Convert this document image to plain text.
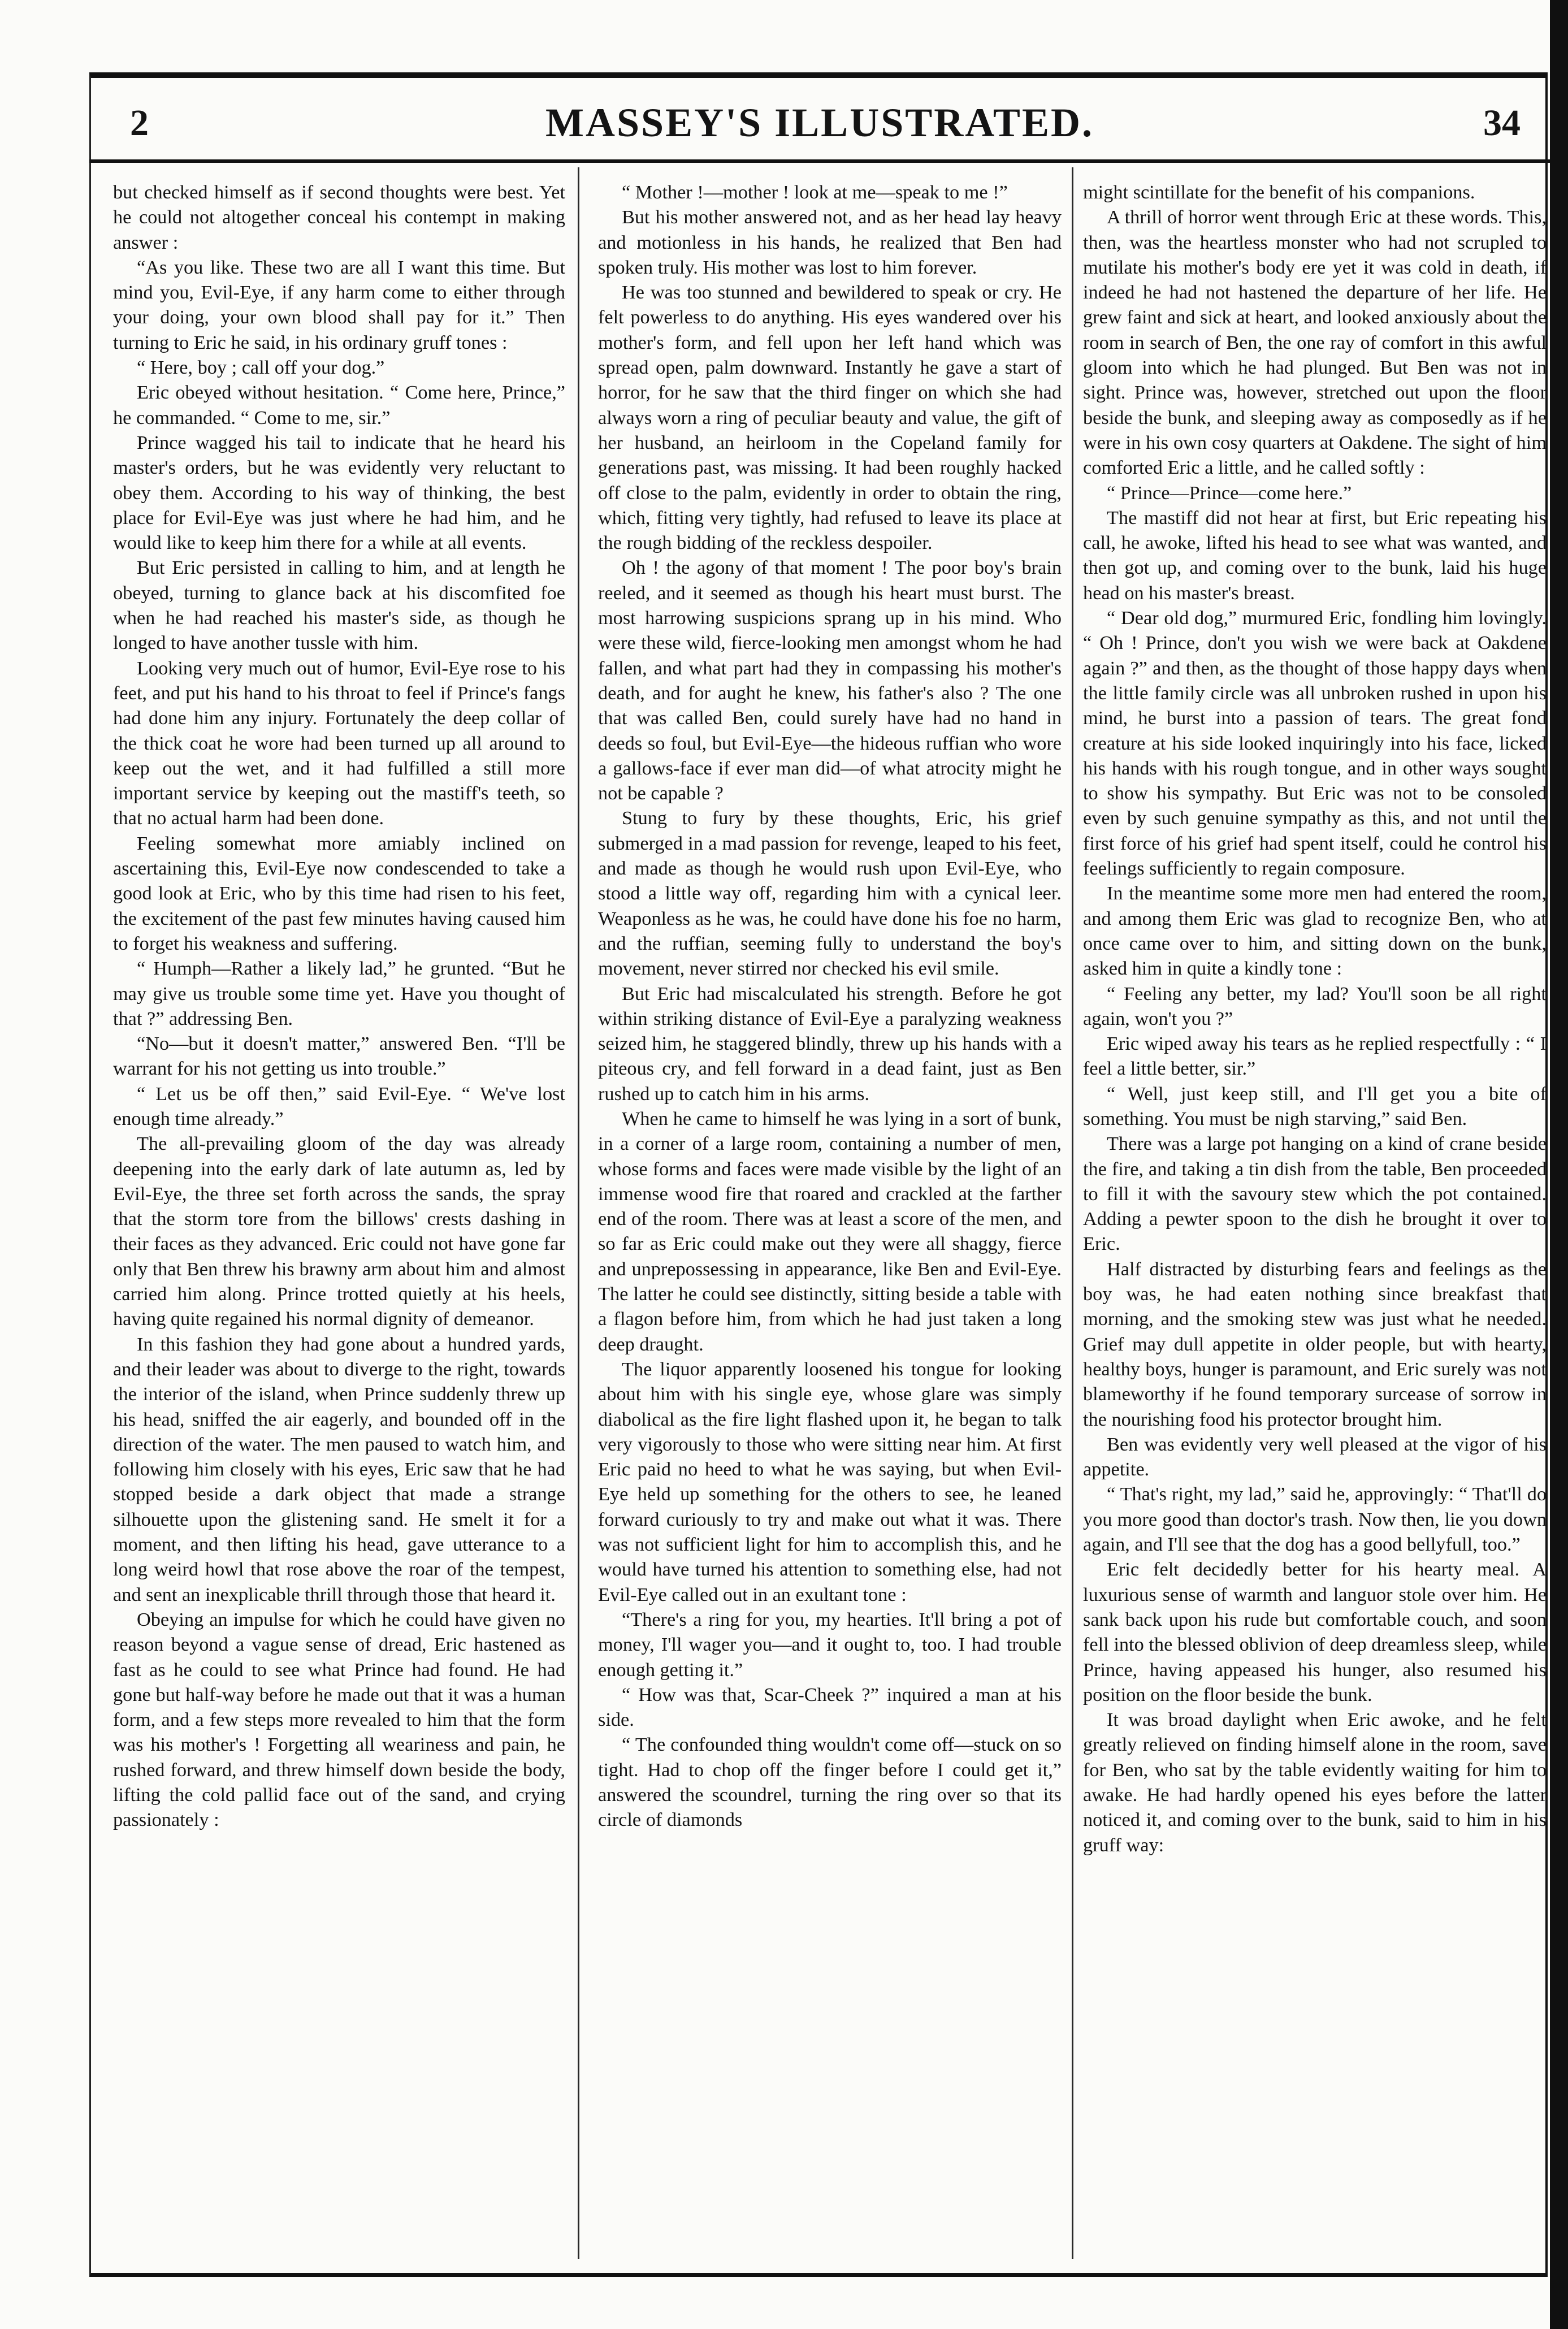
2	MASSEY'S ILLUSTRATED.	34

but checked himself as if second thoughts were best. Yet he could not altogether conceal his contempt in making answer :

“As you like. These two are all I want this time. But mind you, Evil-Eye, if any harm come to either through your doing, your own blood shall pay for it.” Then turning to Eric he said, in his ordinary gruff tones :

“ Here, boy ; call off your dog.”

Eric obeyed without hesitation. “ Come here, Prince,” he commanded. “ Come to me, sir.”

Prince wagged his tail to indicate that he heard his master's orders, but he was evidently very reluctant to obey them. According to his way of thinking, the best place for Evil-Eye was just where he had him, and he would like to keep him there for a while at all events.

But Eric persisted in calling to him, and at length he obeyed, turning to glance back at his discomfited foe when he had reached his master's side, as though he longed to have another tussle with him.

Looking very much out of humor, Evil-Eye rose to his feet, and put his hand to his throat to feel if Prince's fangs had done him any injury. Fortunately the deep collar of the thick coat he wore had been turned up all around to keep out the wet, and it had fulfilled a still more important service by keeping out the mastiff's teeth, so that no actual harm had been done.

Feeling somewhat more amiably inclined on ascertaining this, Evil-Eye now condescended to take a good look at Eric, who by this time had risen to his feet, the excitement of the past few minutes having caused him to forget his weakness and suffering.

“ Humph—Rather a likely lad,” he grunted. “But he may give us trouble some time yet. Have you thought of that ?” addressing Ben.

“No—but it doesn't matter,” answered Ben. “I'll be warrant for his not getting us into trouble.”

“ Let us be off then,” said Evil-Eye. “ We've lost enough time already.”

The all-prevailing gloom of the day was already deepening into the early dark of late autumn as, led by Evil-Eye, the three set forth across the sands, the spray that the storm tore from the billows' crests dashing in their faces as they advanced. Eric could not have gone far only that Ben threw his brawny arm about him and almost carried him along. Prince trotted quietly at his heels, having quite regained his normal dignity of demeanor.

In this fashion they had gone about a hundred yards, and their leader was about to diverge to the right, towards the interior of the island, when Prince suddenly threw up his head, sniffed the air eagerly, and bounded off in the direction of the water. The men paused to watch him, and following him closely with his eyes, Eric saw that he had stopped beside a dark object that made a strange silhouette upon the glistening sand. He smelt it for a moment, and then lifting his head, gave utterance to a long weird howl that rose above the roar of the tempest, and sent an inexplicable thrill through those that heard it.

Obeying an impulse for which he could have given no reason beyond a vague sense of dread, Eric hastened as fast as he could to see what Prince had found. He had gone but half-way before he made out that it was a human form, and a few steps more revealed to him that the form was his mother's ! Forgetting all weariness and pain, he rushed forward, and threw himself down beside the body, lifting the cold pallid face out of the sand, and crying passionately :

“ Mother !—mother ! look at me—speak to me !”

But his mother answered not, and as her head lay heavy and motionless in his hands, he realized that Ben had spoken truly. His mother was lost to him forever.

He was too stunned and bewildered to speak or cry. He felt powerless to do anything. His eyes wandered over his mother's form, and fell upon her left hand which was spread open, palm downward. Instantly he gave a start of horror, for he saw that the third finger on which she had always worn a ring of peculiar beauty and value, the gift of her husband, an heirloom in the Copeland family for generations past, was missing. It had been roughly hacked off close to the palm, evidently in order to obtain the ring, which, fitting very tightly, had refused to leave its place at the rough bidding of the reckless despoiler.

Oh ! the agony of that moment ! The poor boy's brain reeled, and it seemed as though his heart must burst. The most harrowing suspicions sprang up in his mind. Who were these wild, fierce-looking men amongst whom he had fallen, and what part had they in compassing his mother's death, and for aught he knew, his father's also ? The one that was called Ben, could surely have had no hand in deeds so foul, but Evil-Eye—the hideous ruffian who wore a gallows-face if ever man did—of what atrocity might he not be capable ?

Stung to fury by these thoughts, Eric, his grief submerged in a mad passion for revenge, leaped to his feet, and made as though he would rush upon Evil-Eye, who stood a little way off, regarding him with a cynical leer. Weaponless as he was, he could have done his foe no harm, and the ruffian, seeming fully to understand the boy's movement, never stirred nor checked his evil smile.

But Eric had miscalculated his strength. Before he got within striking distance of Evil-Eye a paralyzing weakness seized him, he staggered blindly, threw up his hands with a piteous cry, and fell forward in a dead faint, just as Ben rushed up to catch him in his arms.

When he came to himself he was lying in a sort of bunk, in a corner of a large room, containing a number of men, whose forms and faces were made visible by the light of an immense wood fire that roared and crackled at the farther end of the room. There was at least a score of the men, and so far as Eric could make out they were all shaggy, fierce and unprepossessing in appearance, like Ben and Evil-Eye. The latter he could see distinctly, sitting beside a table with a flagon before him, from which he had just taken a long deep draught.

The liquor apparently loosened his tongue for looking about him with his single eye, whose glare was simply diabolical as the fire light flashed upon it, he began to talk very vigorously to those who were sitting near him. At first Eric paid no heed to what he was saying, but when Evil-Eye held up something for the others to see, he leaned forward curiously to try and make out what it was. There was not sufficient light for him to accomplish this, and he would have turned his attention to something else, had not Evil-Eye called out in an exultant tone :

“There's a ring for you, my hearties. It'll bring a pot of money, I'll wager you—and it ought to, too. I had trouble enough getting it.”

“ How was that, Scar-Cheek ?” inquired a man at his side.

“ The confounded thing wouldn't come off—stuck on so tight. Had to chop off the finger before I could get it,” answered the scoundrel, turning the ring over so that its circle of diamonds

might scintillate for the benefit of his companions.

A thrill of horror went through Eric at these words. This, then, was the heartless monster who had not scrupled to mutilate his mother's body ere yet it was cold in death, if indeed he had not hastened the departure of her life. He grew faint and sick at heart, and looked anxiously about the room in search of Ben, the one ray of comfort in this awful gloom into which he had plunged. But Ben was not in sight. Prince was, however, stretched out upon the floor beside the bunk, and sleeping away as composedly as if he were in his own cosy quarters at Oakdene. The sight of him comforted Eric a little, and he called softly :

“ Prince—Prince—come here.”

The mastiff did not hear at first, but Eric repeating his call, he awoke, lifted his head to see what was wanted, and then got up, and coming over to the bunk, laid his huge head on his master's breast.

“ Dear old dog,” murmured Eric, fondling him lovingly. “ Oh ! Prince, don't you wish we were back at Oakdene again ?” and then, as the thought of those happy days when the little family circle was all unbroken rushed in upon his mind, he burst into a passion of tears. The great fond creature at his side looked inquiringly into his face, licked his hands with his rough tongue, and in other ways sought to show his sympathy. But Eric was not to be consoled even by such genuine sympathy as this, and not until the first force of his grief had spent itself, could he control his feelings sufficiently to regain composure.

In the meantime some more men had entered the room, and among them Eric was glad to recognize Ben, who at once came over to him, and sitting down on the bunk, asked him in quite a kindly tone :

“ Feeling any better, my lad? You'll soon be all right again, won't you ?”

Eric wiped away his tears as he replied respectfully : “ I feel a little better, sir.”

“ Well, just keep still, and I'll get you a bite of something. You must be nigh starving,” said Ben.

There was a large pot hanging on a kind of crane beside the fire, and taking a tin dish from the table, Ben proceeded to fill it with the savoury stew which the pot contained. Adding a pewter spoon to the dish he brought it over to Eric.

Half distracted by disturbing fears and feelings as the boy was, he had eaten nothing since breakfast that morning, and the smoking stew was just what he needed. Grief may dull appetite in older people, but with hearty, healthy boys, hunger is paramount, and Eric surely was not blameworthy if he found temporary surcease of sorrow in the nourishing food his protector brought him.

Ben was evidently very well pleased at the vigor of his appetite.

“ That's right, my lad,” said he, approvingly: “ That'll do you more good than doctor's trash. Now then, lie you down again, and I'll see that the dog has a good bellyfull, too.”

Eric felt decidedly better for his hearty meal. A luxurious sense of warmth and languor stole over him. He sank back upon his rude but comfortable couch, and soon fell into the blessed oblivion of deep dreamless sleep, while Prince, having appeased his hunger, also resumed his position on the floor beside the bunk.

It was broad daylight when Eric awoke, and he felt greatly relieved on finding himself alone in the room, save for Ben, who sat by the table evidently waiting for him to awake. He had hardly opened his eyes before the latter noticed it, and coming over to the bunk, said to him in his gruff way:
